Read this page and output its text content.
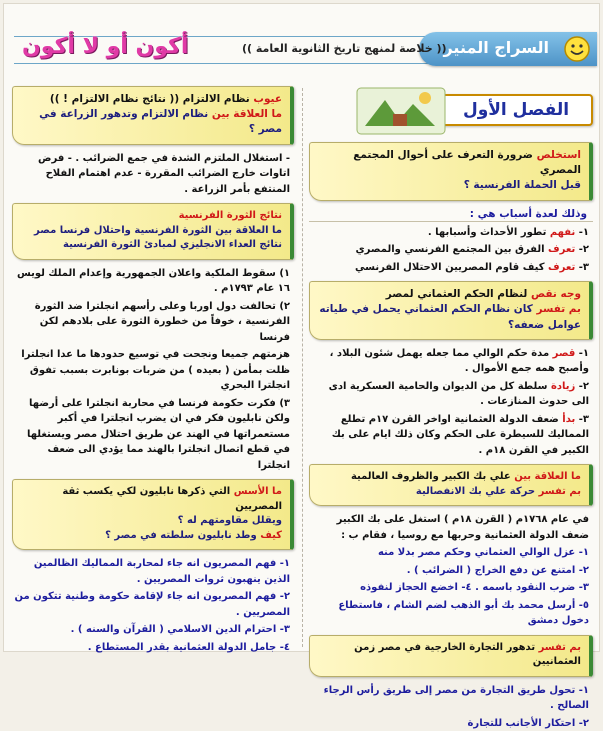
السراج المنير
(( خلاصة لمنهج تاريخ الثانوية العامة ))
أكون أو لا أكون
الفصل الأول
استخلص ضرورة التعرف على أحوال المجتمع المصري
قبل الحملة الفرنسية ؟
وذلك لعدة أسباب هي :

١- نفهم تطور الأحداث وأسبابها .

٢- تعرف الفرق بين المجتمع الفرنسي والمصري

٣- تعرف كيف قاوم المصريين الاحتلال الفرنسي

وجه نقص لنظام الحكم العثماني لمصر
بم تفسر كان نظام الحكم العثماني يحمل في طياته عوامل ضعفه؟

١- قصر مدة حكم الوالي مما جعله يهمل شئون البلاد ، وأصبح همه جمع الأموال .

٢- زيادة سلطة كل من الديوان والحامية العسكرية ادى الى حدوث المنازعات .

٣- بدأ ضعف الدولة العثمانية اواخر القرن ١٧م تطلع المماليك للسيطرة على الحكم وكان ذلك ايام على بك الكبير في القرن ١٨م .

ما العلاقة بين علي بك الكبير والظروف العالمية
بم تفسر حركة علي بك الانفصالية

في عام ١٧٦٨م ( القرن ١٨م ) استغل على بك الكبير ضعف الدولة العثمانية وحربها مع روسيا ، فقام ب :

١- عزل الوالي العثماني وحكم مصر بدلا منه

٢- امتنع عن دفع الخراج ( الضرائب ) .

٣- ضرب النقود باسمه . ٤- اخضع الحجاز لنفوذه

٥- أرسل محمد بك أبو الذهب لضم الشام ، فاستطاع دخول دمشق

بم تفسر تدهور التجارة الخارجية في مصر زمن العثمانيين

١- تحول طريق التجارة من مصر إلى طريق رأس الرجاء الصالح .

٢- احتكار الأجانب للتجارة

عيوب نظام الالتزام (( نتائج نظام الالتزام ! ))
ما العلاقة بين نظام الالتزام وتدهور الزراعة في مصر ؟

- استغلال الملتزم الشدة في جمع الضرائب . - فرض اتاوات خارج الضرائب المقررة - عدم اهتمام الفلاح المنتفع بأمر الزراعة .

نتائج الثورة الفرنسية
ما العلاقة بين الثورة الفرنسية واحتلال فرنسا مصر
نتائج العداء الانجليزي لمبادئ الثورة الفرنسية

١) سقوط الملكية واعلان الجمهورية وإعدام الملك لويس ١٦ عام ١٧٩٣م .

٢) تحالفت دول اوربا وعلى رأسهم انجلترا ضد الثورة الفرنسية ، خوفاً من خطورة الثورة على بلادهم لكن فرنسا

هزمتهم جميعا ونجحت في توسيع حدودها ما عدا انجلترا ظلت بمأمن ( بعيده ) من ضربات بونابرت بسبب تفوق انجلترا البحري

٣) فكرت حكومة فرنسا في محاربة انجلترا على أرضها ولكن نابليون فكر في ان يضرب انجلترا في أكبر مستعمراتها في الهند عن طريق احتلال مصر ويستغلها في قطع اتصال انجلترا بالهند مما يؤدي الى ضعف انجلترا

ما الأسس التي ذكرها نابليون لكي يكسب ثقة المصريين
ويقلل مقاومتهم له ؟
كيف وطد نابليون سلطته في مصر ؟

١- فهم المصريون انه جاء لمحاربة المماليك الظالمين الذين ينهبون ثروات المصريين .

٢- فهم المصريون انه جاء لإقامة حكومة وطنية تتكون من المصريين .

٣- احترام الدين الاسلامي ( القرآن والسنه ) .

٤- جامل الدولة العثمانية بقدر المستطاع .
